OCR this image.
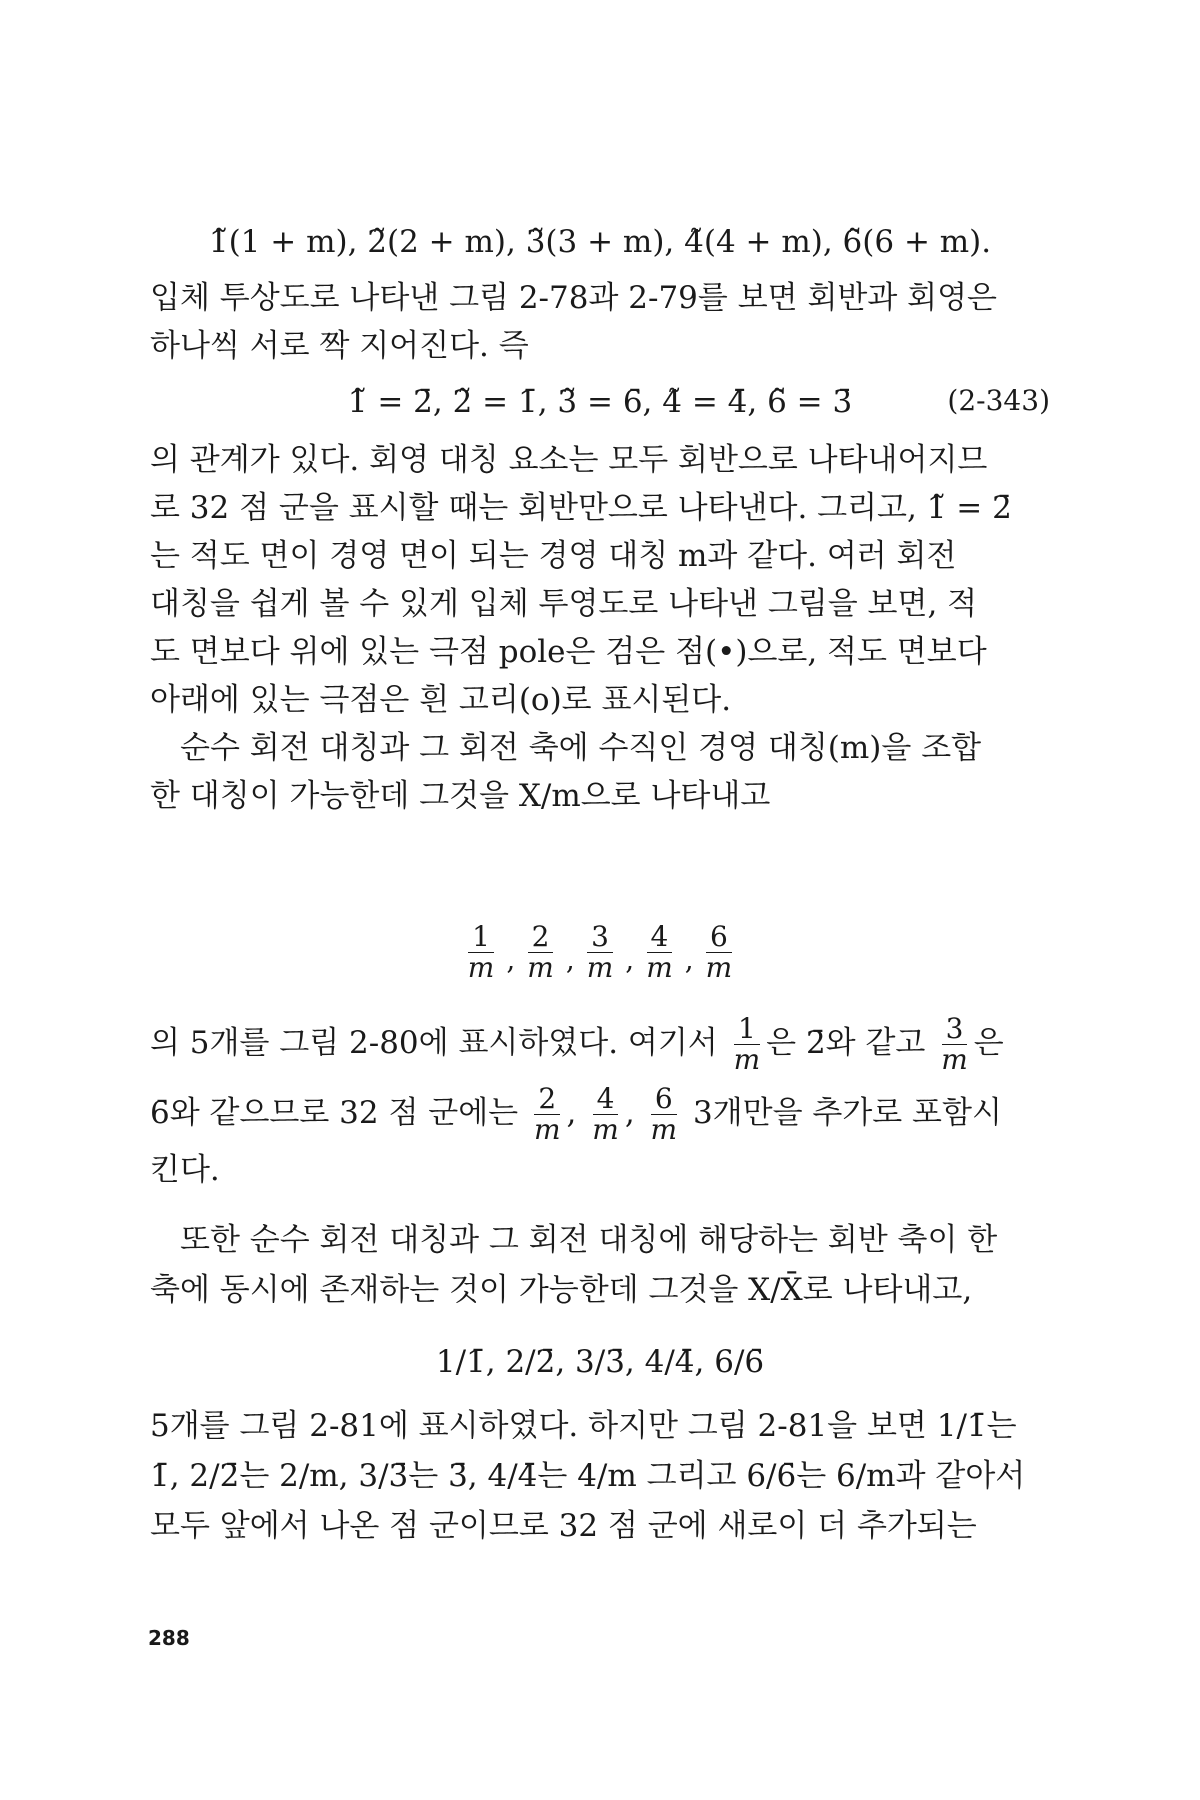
1̃(1 + m), 2̃(2 + m), 3̃(3 + m), 4̃(4 + m), 6̃(6 + m).
입체 투상도로 나타낸 그림 2-78과 2-79를 보면 회반과 회영은
하나씩 서로 짝 지어진다. 즉
1̃ = 2̄, 2̃ = 1̄, 3̃ = 6̄, 4̃ = 4̄, 6̃ = 3̄	(2-343)
의 관계가 있다. 회영 대칭 요소는 모두 회반으로 나타내어지므
로 32 점 군을 표시할 때는 회반만으로 나타낸다. 그리고, 1̃ = 2̄
는 적도 면이 경영 면이 되는 경영 대칭 m과 같다. 여러 회전
대칭을 쉽게 볼 수 있게 입체 투영도로 나타낸 그림을 보면, 적
도 면보다 위에 있는 극점 pole은 검은 점(•)으로, 적도 면보다
아래에 있는 극점은 흰 고리(o)로 표시된다.
순수 회전 대칭과 그 회전 축에 수직인 경영 대칭(m)을 조합
한 대칭이 가능한데 그것을 X/m으로 나타내고
$\frac{1}{m}$ , $\frac{2}{m}$ , $\frac{3}{m}$ , $\frac{4}{m}$ , $\frac{6}{m}$
의 5개를 그림 2-80에 표시하였다. 여기서 $\frac{1}{m}$ 은 2̄와 같고 $\frac{3}{m}$ 은
6̄와 같으므로 32 점 군에는 $\frac{2}{m}$ , $\frac{4}{m}$ , $\frac{6}{m} 3$개만을 추가로 포함시
킨다.
또한 순수 회전 대칭과 그 회전 대칭에 해당하는 회반 축이 한
축에 동시에 존재하는 것이 가능한데 그것을 X/X̄로 나타내고,
1/1̄, 2/2̄, 3/3̄, 4/4̄, 6/6̄
5개를 그림 2-81에 표시하였다. 하지만 그림 2-81을 보면 1/1̄는
1̄, 2/2̄는 2/m, 3/3̄는 3̄, 4/4̄는 4/m 그리고 6/6̄는 6/m과 같아서
모두 앞에서 나온 점 군이므로 32 점 군에 새로이 더 추가되는
288
